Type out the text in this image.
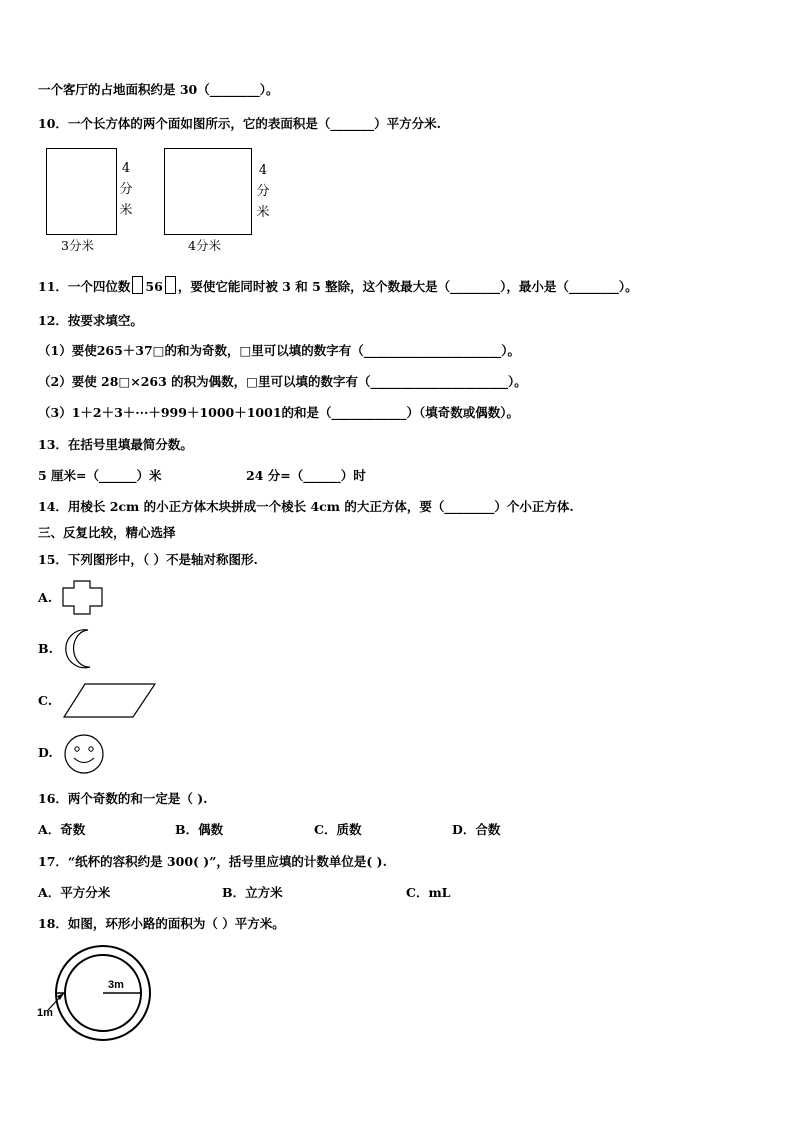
一个客厅的占地面积约是 30（________）。
10．一个长方体的两个面如图所示，它的表面积是（_______）平方分米.
4
分
米
3分米
4
分
米
4分米
11．一个四位数 56 ，要使它能同时被 3 和 5 整除，这个数最大是（________），最小是（________）。
12．按要求填空。
（1）要使265＋37□的和为奇数，□里可以填的数字有（______________________）。
（2）要使 28□×263 的积为偶数，□里可以填的数字有（______________________）。
（3）1＋2＋3＋···＋999＋1000＋1001的和是（____________）（填奇数或偶数）。
13．在括号里填最简分数。
5 厘米=（______）米	24 分=（______）时
14．用棱长 2cm 的小正方体木块拼成一个棱长 4cm 的大正方体，要（________）个小正方体.
三、反复比较，精心选择
15．下列图形中，（ ）不是轴对称图形.
A.
B.
C.
D.
16．两个奇数的和一定是（ ).
A．奇数	B．偶数	C．质数	D．合数
17．“纸杯的容积约是 300( )”，括号里应填的计数单位是( ).
A．平方分米	B．立方米	C．mL
18．如图，环形小路的面积为（ ）平方米。
3m
1m
